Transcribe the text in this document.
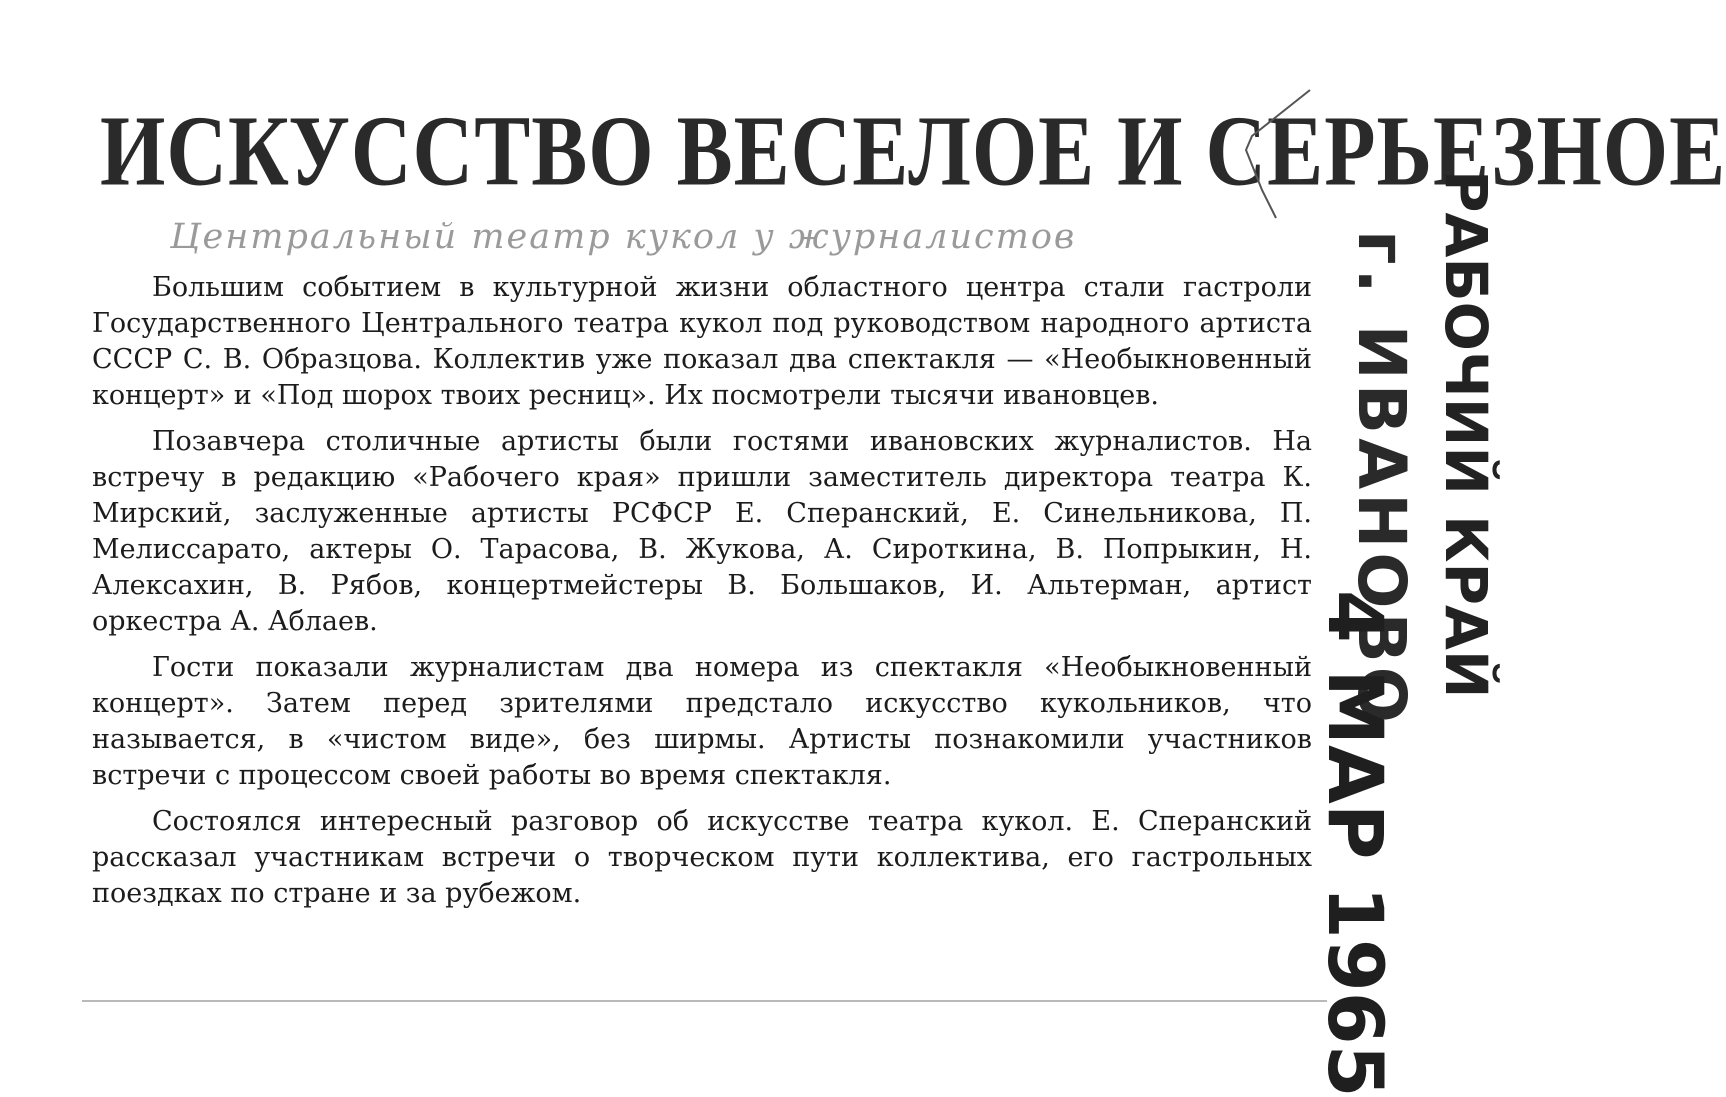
ИСКУССТВО ВЕСЕЛОЕ И СЕРЬЕЗНОЕ
Центральный театр кукол у журналистов

Большим событием в культурной жизни областного центра стали гастроли Государственного Центрального театра кукол под руководством народного артиста СССР С. В. Образцова. Коллектив уже показал два спектакля — «Необыкновенный концерт» и «Под шорох твоих ресниц». Их посмотрели тысячи ивановцев.

Позавчера столичные артисты были гостями ивановских журналистов. На встречу в редакцию «Рабочего края» пришли заместитель директора театра К. Мирский, заслуженные артисты РСФСР Е. Сперанский, Е. Синельникова, П. Мелиссарато, актеры О. Тарасова, В. Жукова, А. Сироткина, В. Попрыкин, Н. Алексахин, В. Рябов, концертмейстеры В. Большаков, И. Альтерман, артист оркестра А. Аблаев.

Гости показали журналистам два номера из спектакля «Необыкновенный концерт». Затем перед зрителями предстало искусство кукольников, что называется, в «чистом виде», без ширмы. Артисты познакомили участников встречи с процессом своей работы во время спектакля.

Состоялся интересный разговор об искусстве театра кукол. Е. Сперанский рассказал участникам встречи о творческом пути коллектива, его гастрольных поездках по стране и за рубежом.

РАБОЧИЙ КРАЙ
г. ИВАНОВО
4 МАР 1965
